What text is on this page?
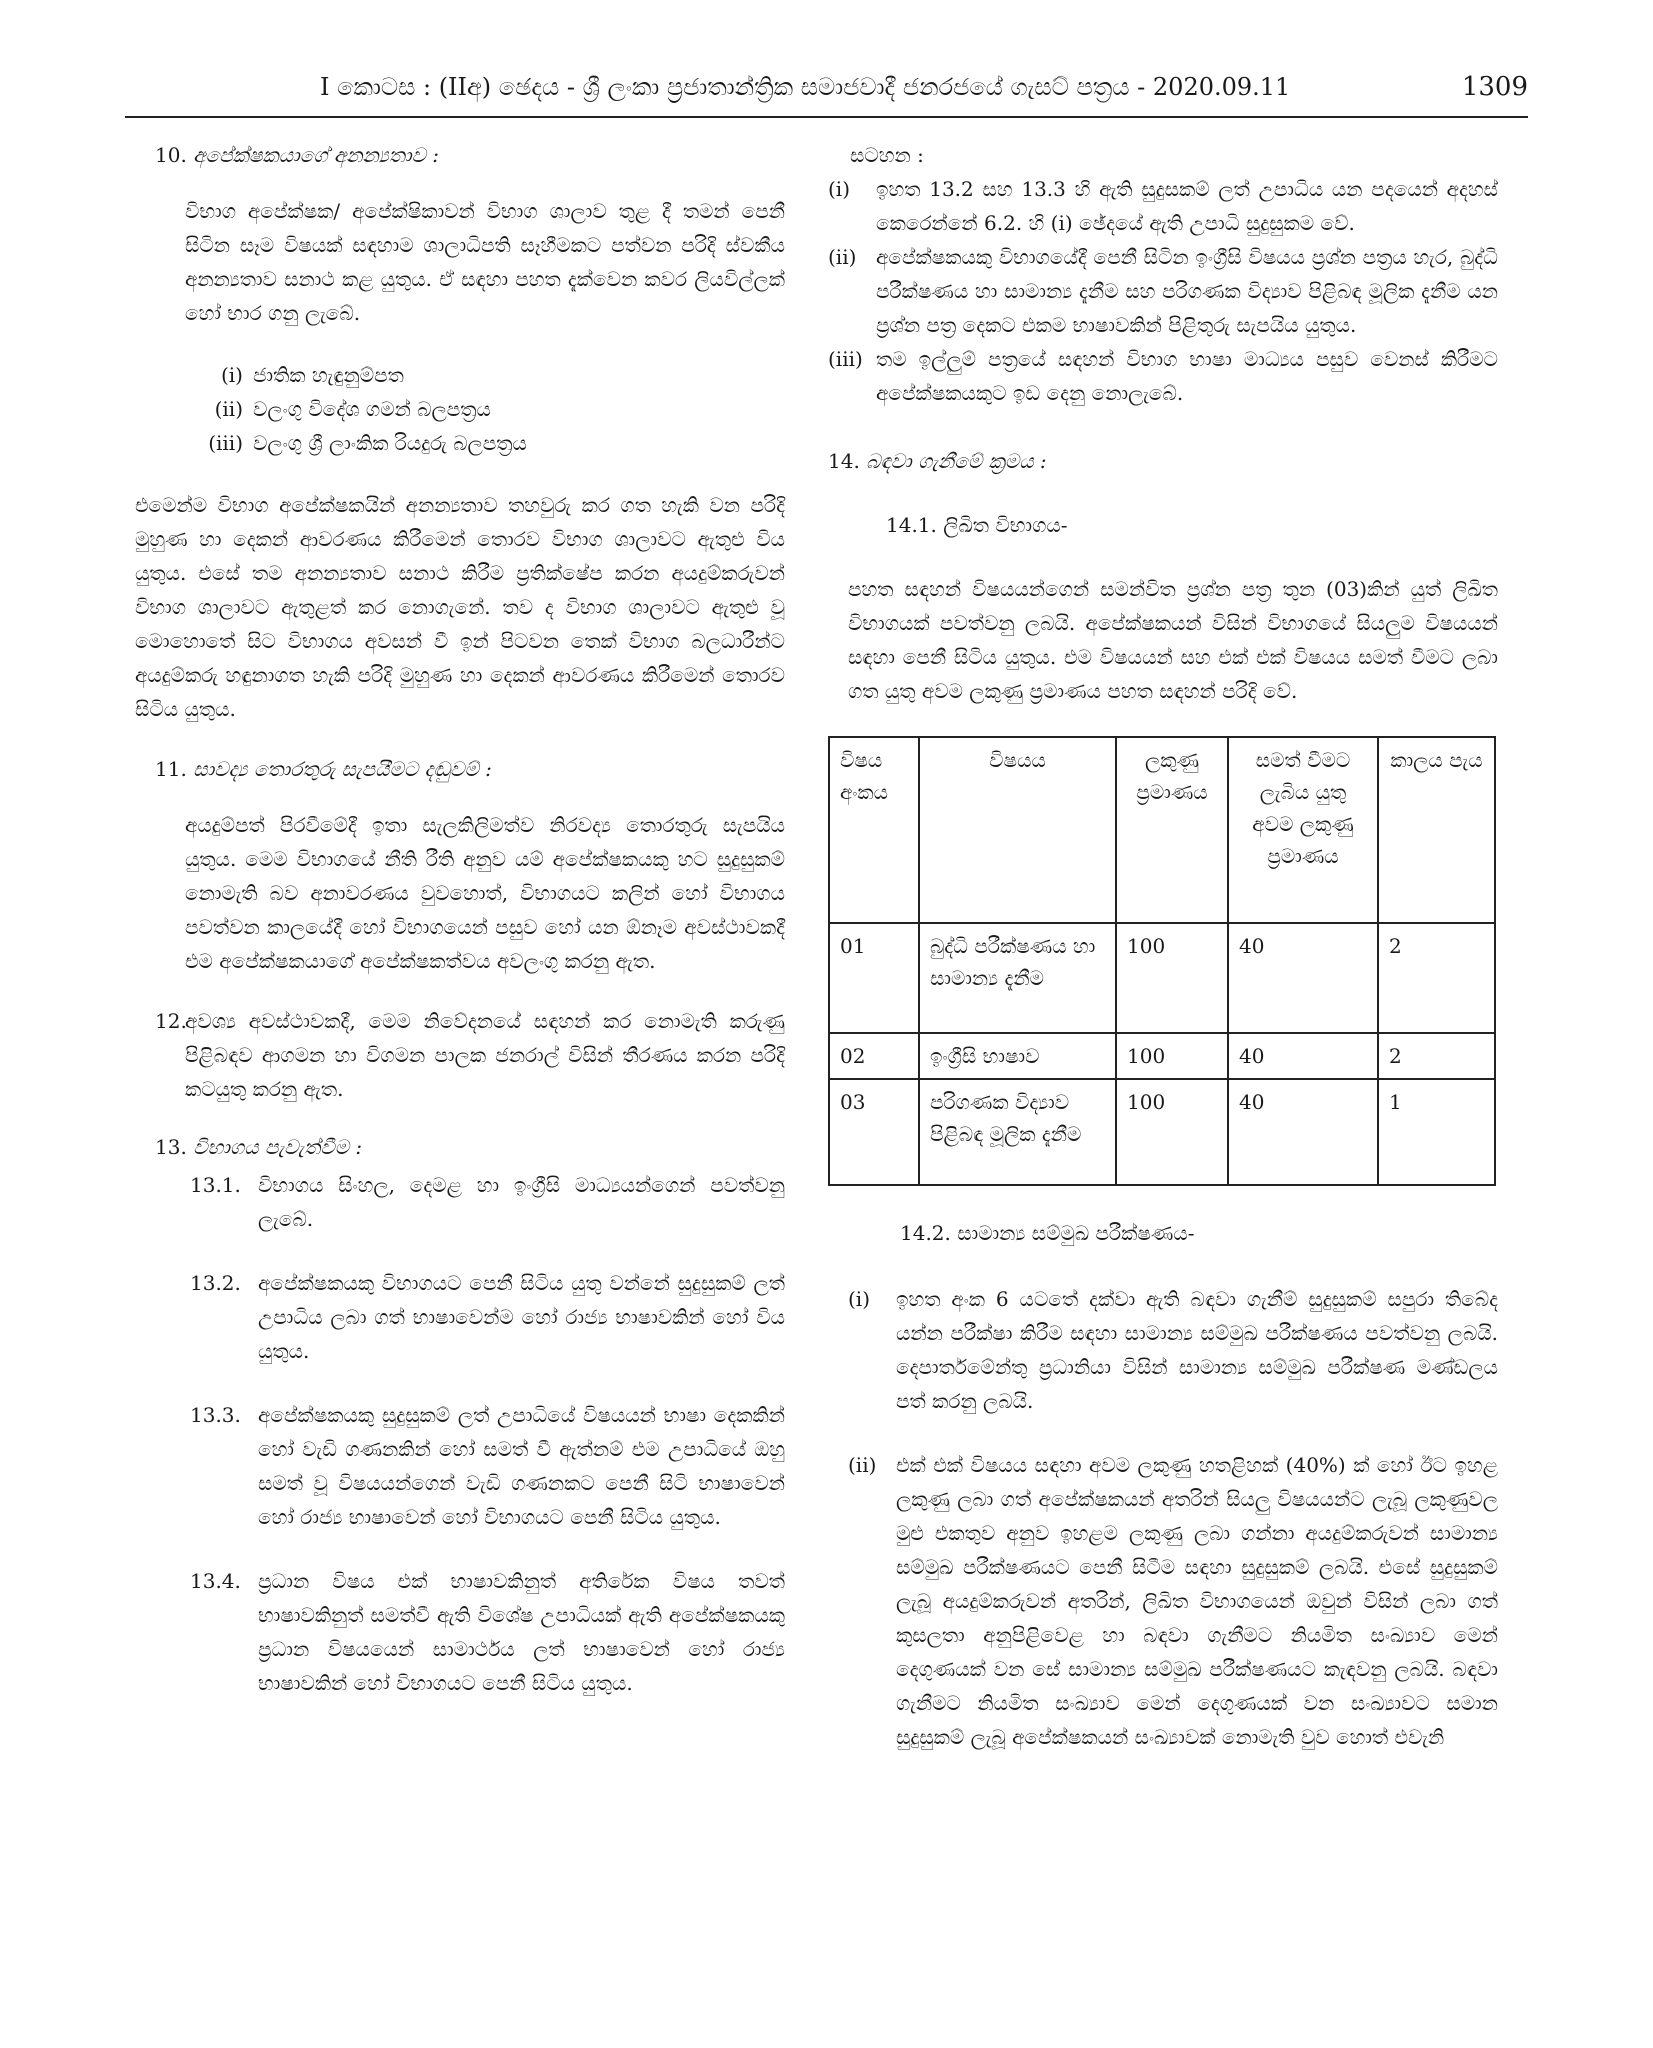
I කොටස : (IIඅ) ඡෙදය - ශ්‍රී ලංකා ප්‍රජාතාන්ත්‍රික සමාජවාදී ජනරජයේ ගැසට් පත්‍රය - 2020.09.11	1309
10. අපේක්ෂකයාගේ අනන්‍යතාව :

විභාග අපේක්ෂක/ අපේක්ෂිකාවන් විභාග ශාලාව තුළ දී තමන් පෙනී සිටින සෑම විෂයක් සඳහාම ශාලාධිපති සෑහීමකට පත්වන පරිදි ස්වකීය අනන්‍යතාව සනාථ කළ යුතුය. ඒ සඳහා පහත දැක්වෙන කවර ලියවිල්ලක් හෝ භාර ගනු ලැබේ.

(i) ජාතික හැඳුනුම්පත
(ii) වලංගු විදේශ ගමන් බලපත්‍රය
(iii) වලංගු ශ්‍රී ලාංකික රියදුරු බලපත්‍රය

එමෙන්ම විභාග අපේක්ෂකයින් අනන්‍යතාව තහවුරු කර ගත හැකි වන පරිදි මුහුණ හා දෙකන් ආවරණය කිරීමෙන් තොරව විභාග ශාලාවට ඇතුළු විය යුතුය. එසේ තම අනන්‍යතාව සනාථ කිරීම ප්‍රතික්ෂේප කරන අයදුම්කරුවන් විභාග ශාලාවට ඇතුළත් කර නොගැනේ. තව ද විභාග ශාලාවට ඇතුළු වූ මොහොතේ සිට විභාගය අවසන් වී ඉන් පිටවන තෙක් විභාග බලධාරීන්ට අයදුම්කරු හඳුනාගත හැකි පරිදි මුහුණ හා දෙකන් ආවරණය කිරීමෙන් තොරව සිටිය යුතුය.

11. සාවද්‍ය තොරතුරු සැපයීමට දඬුවම් :

අයදුම්පත් පිරවීමේදී ඉතා සැලකිලිමත්ව නිරවද්‍ය තොරතුරු සැපයිය යුතුය. මෙම විභාගයේ නීති රීති අනුව යම් අපේක්ෂකයකු හට සුදුසුකම් නොමැති බව අනාවරණය වුවහොත්, විභාගයට කලින් හෝ විභාගය පවත්වන කාලයේදී හෝ විභාගයෙන් පසුව හෝ යන ඕනෑම අවස්ථාවකදී එම අපේක්ෂකයාගේ අපේක්ෂකත්වය අවලංගු කරනු ඇත.

12.
අවශ්‍ය අවස්ථාවකදී, මෙම නිවේදනයේ සඳහන් කර නොමැති කරුණු පිළිබඳව ආගමන හා විගමන පාලක ජනරාල් විසින් තීරණය කරන පරිදි කටයුතු කරනු ඇත.
13. විභාගය පැවැත්වීම :
13.1. විභාගය සිංහල, දෙමළ හා ඉංග්‍රීසි මාධ්‍යයන්ගෙන් පවත්වනු ලැබේ.
13.2. අපේක්ෂකයකු විභාගයට පෙනී සිටිය යුතු වන්නේ සුදුසුකම් ලත් උපාධිය ලබා ගත් භාෂාවෙන්ම හෝ රාජ්‍ය භාෂාවකින් හෝ විය යුතුය.
13.3. අපේක්ෂකයකු සුදුසුකම් ලත් උපාධියේ විෂයයන් භාෂා දෙකකින් හෝ වැඩි ගණනකින් හෝ සමත් වී ඇත්නම් එම උපාධියේ ඔහු සමත් වූ විෂයයන්ගෙන් වැඩි ගණනකට පෙනී සිටි භාෂාවෙන් හෝ රාජ්‍ය භාෂාවෙන් හෝ විභාගයට පෙනී සිටිය යුතුය.
13.4. ප්‍රධාන විෂය එක් භාෂාවකිනුත් අතිරේක විෂය තවත් භාෂාවකිනුත් සමත්වී ඇති විශේෂ උපාධියක් ඇති අපේක්ෂකයකු ප්‍රධාන විෂයයෙන් සාමාර්ථය ලත් භාෂාවෙන් හෝ රාජ්‍ය භාෂාවකින් හෝ විභාගයට පෙනී සිටිය යුතුය.
සටහන :
(i)	ඉහත 13.2 සහ 13.3 හි ඇති සුදුසකම් ලත් උපාධිය යන පදයෙන් අදහස් කෙරෙන්නේ 6.2. හි (i) ඡේදයේ ඇති උපාධි සුදුසුකම වේ.
(ii) අපේක්ෂකයකු විභාගයේදී පෙනී සිටින ඉංග්‍රීසි විෂයය ප්‍රශ්න පත්‍රය හැර, බුද්ධි පරීක්ෂණය හා සාමාන්‍ය දැනීම සහ පරිගණක විද්‍යාව පිළිබඳ මූලික දැනීම යන ප්‍රශ්න පත්‍ර දෙකට එකම භාෂාවකින් පිළිතුරු සැපයිය යුතුය.
(iii) තම ඉල්ලුම් පත්‍රයේ සඳහන් විභාග භාෂා මාධ්‍යය පසුව වෙනස් කිරීමට අපේක්ෂකයකුට ඉඩ දෙනු නොලැබේ.
14. බඳවා ගැනීමේ ක්‍රමය :
14.1. ලිඛිත විභාගය-

පහත සඳහන් විෂයයන්ගෙන් සමන්විත ප්‍රශ්න පත්‍ර තුන (03)කින් යුත් ලිඛිත විභාගයක් පවත්වනු ලබයි. අපේක්ෂකයන් විසින් විභාගයේ සියලුම විෂයයන් සඳහා පෙනී සිටිය යුතුය. එම විෂයයන් සහ එක් එක් විෂයය සමත් වීමට ලබා ගත යුතු අවම ලකුණු ප්‍රමාණය පහත සඳහන් පරිදි වේ.

විෂය අංකය	විෂයය	ලකුණු ප්‍රමාණය	සමත් වීමට ලැබිය යුතු අවම ලකුණු ප්‍රමාණය	කාලය පැය
01	බුද්ධි පරීක්ෂණය හා සාමාන්‍ය දැනීම	100	40	2
02	ඉංග්‍රීසි භාෂාව	100	40	2
03	පරිගණක විද්‍යාව පිළිබඳ මූලික දැනීම	100	40	1
14.2. සාමාන්‍ය සම්මුඛ පරීක්ෂණය-
(i)	ඉහත අංක 6 යටතේ දක්වා ඇති බඳවා ගැනීම් සුදුසුකම් සපුරා තිබේද යන්න පරීක්ෂා කිරීම සඳහා සාමාන්‍ය සම්මුඛ පරීක්ෂණය පවත්වනු ලබයි. දෙපාර්තමේන්තු ප්‍රධානියා විසින් සාමාන්‍ය සම්මුඛ පරීක්ෂණ මණ්ඩලය පත් කරනු ලබයි.
(ii) එක් එක් විෂයය සඳහා අවම ලකුණු හතළිහක් (40%) ක් හෝ ඊට ඉහළ ලකුණු ලබා ගත් අපේක්ෂකයන් අතරින් සියලු විෂයයන්ට ලැබූ ලකුණුවල මුළු එකතුව අනුව ඉහළම ලකුණු ලබා ගන්නා අයදුම්කරුවන් සාමාන්‍ය සම්මුඛ පරීක්ෂණයට පෙනී සිටීම සඳහා සුදුසුකම් ලබයි. එසේ සුදුසුකම් ලැබූ අයදුම්කරුවන් අතරින්, ලිඛිත විභාගයෙන් ඔවුන් විසින් ලබා ගත් කුසලතා අනුපිළිවෙළ හා බඳවා ගැනීමට නියමිත සංඛ්‍යාව මෙන් දෙගුණයක් වන සේ සාමාන්‍ය සම්මුඛ පරීක්ෂණයට කැඳවනු ලබයි. බඳවා ගැනීමට නියමිත සංඛ්‍යාව මෙන් දෙගුණයක් වන සංඛ්‍යාවට සමාන සුදුසුකම් ලැබූ අපේක්ෂකයන් සංඛ්‍යාවක් නොමැති වුව හොත් එවැනි
